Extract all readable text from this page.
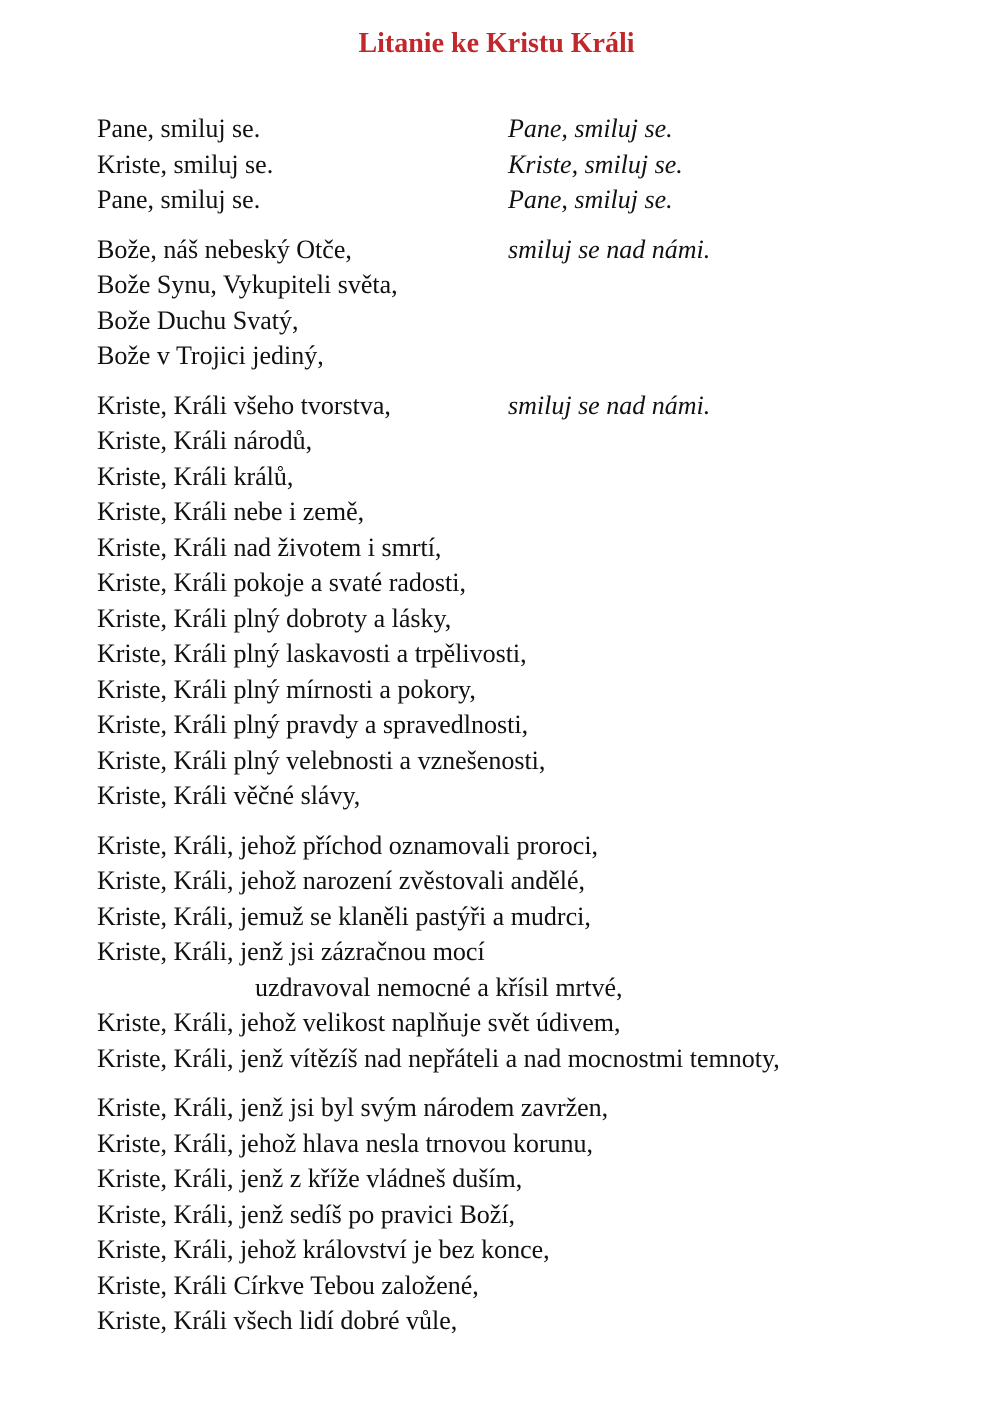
Litanie ke Kristu Králi
Pane, smiluj se.	Pane, smiluj se.
Kriste, smiluj se.	Kriste, smiluj se.
Pane, smiluj se.	Pane, smiluj se.
Bože, náš nebeský Otče,	smiluj se nad námi.
Bože Synu, Vykupiteli světa,
Bože Duchu Svatý,
Bože v Trojici jediný,
Kriste, Králi všeho tvorstva,	smiluj se nad námi.
Kriste, Králi národů,
Kriste, Králi králů,
Kriste, Králi nebe i země,
Kriste, Králi nad životem i smrtí,
Kriste, Králi pokoje a svaté radosti,
Kriste, Králi plný dobroty a lásky,
Kriste, Králi plný laskavosti a trpělivosti,
Kriste, Králi plný mírnosti a pokory,
Kriste, Králi plný pravdy a spravedlnosti,
Kriste, Králi plný velebnosti a vznešenosti,
Kriste, Králi věčné slávy,
Kriste, Králi, jehož příchod oznamovali proroci,
Kriste, Králi, jehož narození zvěstovali andělé,
Kriste, Králi, jemuž se klaněli pastýři a mudrci,
Kriste, Králi, jenž jsi zázračnou mocí
uzdravoval nemocné a křísil mrtvé,
Kriste, Králi, jehož velikost naplňuje svět údivem,
Kriste, Králi, jenž vítězíš nad nepřáteli a nad mocnostmi temnoty,
Kriste, Králi, jenž jsi byl svým národem zavržen,
Kriste, Králi, jehož hlava nesla trnovou korunu,
Kriste, Králi, jenž z kříže vládneš duším,
Kriste, Králi, jenž sedíš po pravici Boží,
Kriste, Králi, jehož království je bez konce,
Kriste, Králi Církve Tebou založené,
Kriste, Králi všech lidí dobré vůle,
